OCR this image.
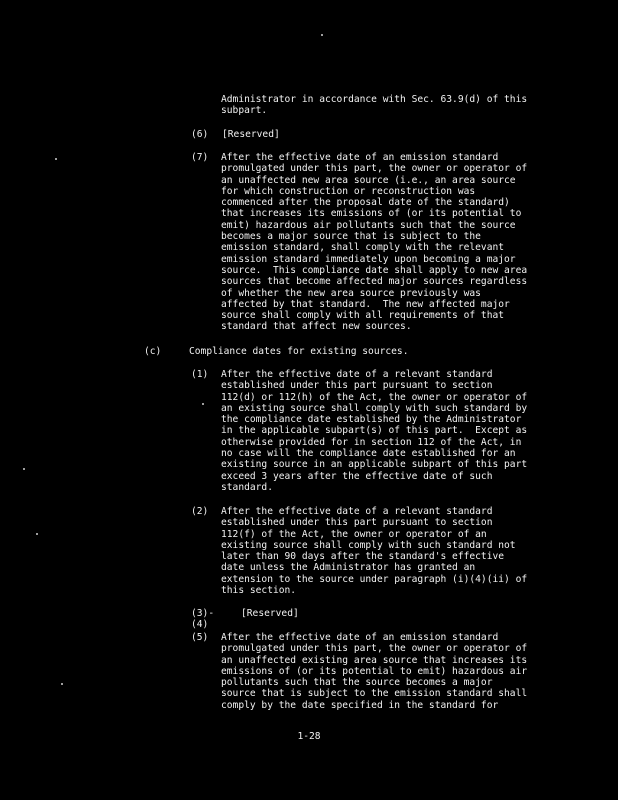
Administrator in accordance with Sec. 63.9(d) of this
subpart.
(6) [Reserved]
(7) After the effective date of an emission standard
promulgated under this part, the owner or operator of
an unaffected new area source (i.e., an area source
for which construction or reconstruction was
commenced after the proposal date of the standard)
that increases its emissions of (or its potential to
emit) hazardous air pollutants such that the source
becomes a major source that is subject to the
emission standard, shall comply with the relevant
emission standard immediately upon becoming a major
source.  This compliance date shall apply to new area
sources that become affected major sources regardless
of whether the new area source previously was
affected by that standard.  The new affected major
source shall comply with all requirements of that
standard that affect new sources.
(c)	Compliance dates for existing sources.
(1) After the effective date of a relevant standard
established under this part pursuant to section
112(d) or 112(h) of the Act, the owner or operator of
an existing source shall comply with such standard by
the compliance date established by the Administrator
in the applicable subpart(s) of this part.  Except as
otherwise provided for in section 112 of the Act, in
no case will the compliance date established for an
existing source in an applicable subpart of this part
exceed 3 years after the effective date of such
standard.
(2) After the effective date of a relevant standard
established under this part pursuant to section
112(f) of the Act, the owner or operator of an
existing source shall comply with such standard not
later than 90 days after the standard's effective
date unless the Administrator has granted an
extension to the source under paragraph (i)(4)(ii) of
this section.
(3)-(4)
[Reserved]
(5) After the effective date of an emission standard
promulgated under this part, the owner or operator of
an unaffected existing area source that increases its
emissions of (or its potential to emit) hazardous air
pollutants such that the source becomes a major
source that is subject to the emission standard shall
comply by the date specified in the standard for
1-28
